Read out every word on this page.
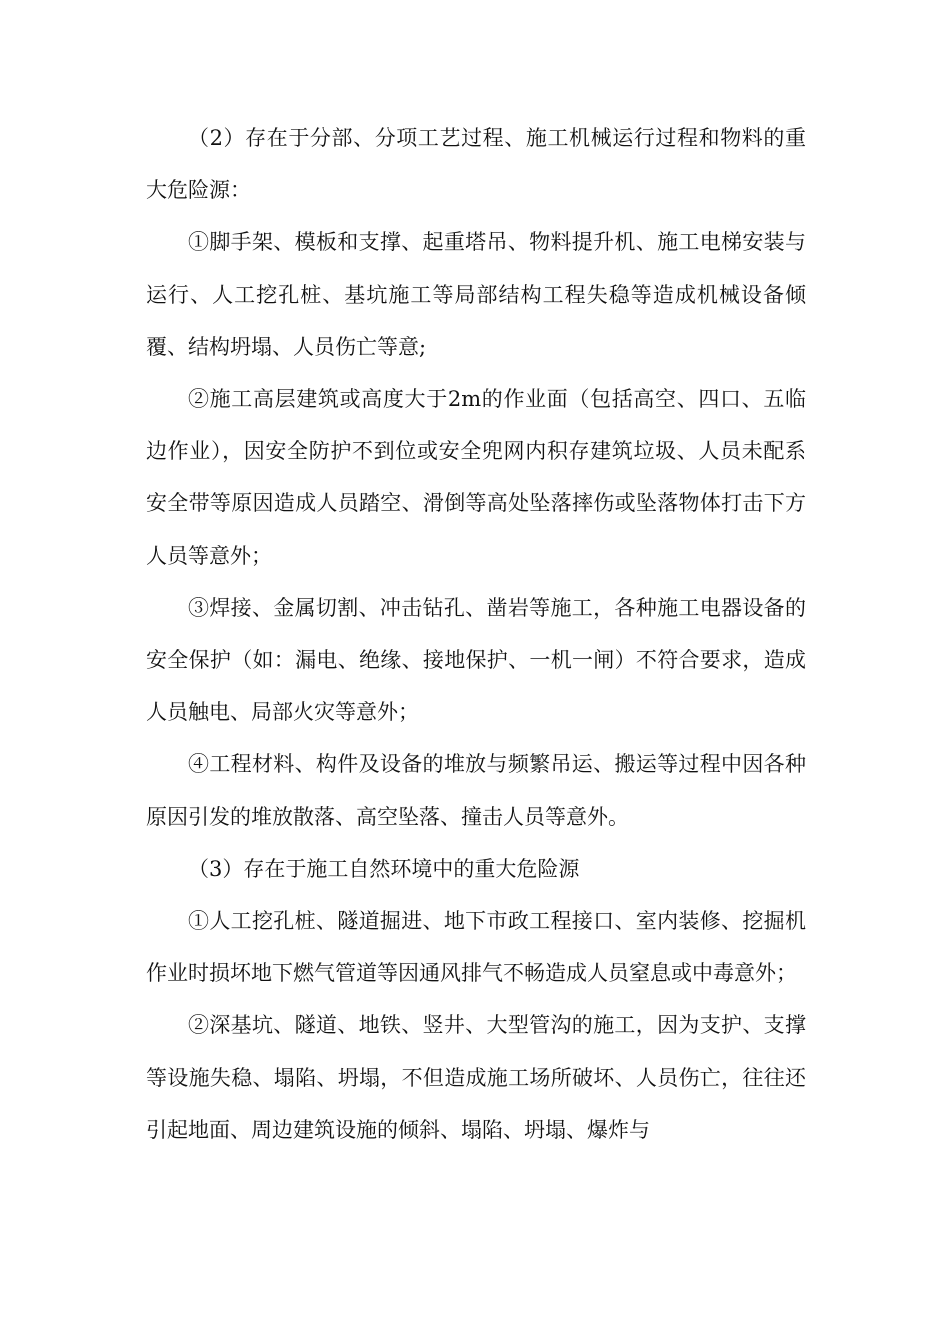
（2）存在于分部、分项工艺过程、施工机械运行过程和物料的重大危险源：

①脚手架、模板和支撑、起重塔吊、物料提升机、施工电梯安装与运行、人工挖孔桩、基坑施工等局部结构工程失稳等造成机械设备倾覆、结构坍塌、人员伤亡等意;

②施工高层建筑或高度大于2m的作业面（包括高空、四口、五临边作业），因安全防护不到位或安全兜网内积存建筑垃圾、人员未配系安全带等原因造成人员踏空、滑倒等高处坠落摔伤或坠落物体打击下方人员等意外；

③焊接、金属切割、冲击钻孔、凿岩等施工，各种施工电器设备的安全保护（如：漏电、绝缘、接地保护、一机一闸）不符合要求，造成人员触电、局部火灾等意外；

④工程材料、构件及设备的堆放与频繁吊运、搬运等过程中因各种原因引发的堆放散落、高空坠落、撞击人员等意外。

（3）存在于施工自然环境中的重大危险源

①人工挖孔桩、隧道掘进、地下市政工程接口、室内装修、挖掘机作业时损坏地下燃气管道等因通风排气不畅造成人员窒息或中毒意外；

②深基坑、隧道、地铁、竖井、大型管沟的施工，因为支护、支撑等设施失稳、塌陷、坍塌，不但造成施工场所破坏、人员伤亡，往往还引起地面、周边建筑设施的倾斜、塌陷、坍塌、爆炸与
